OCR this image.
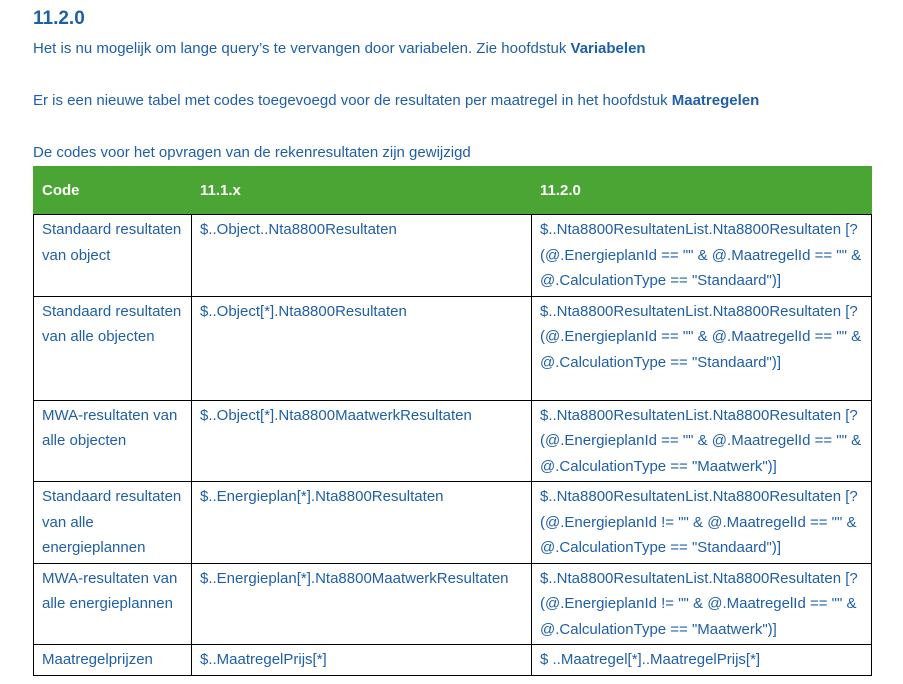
11.2.0

Het is nu mogelijk om lange query’s te vervangen door variabelen. Zie hoofdstuk Variabelen

Er is een nieuwe tabel met codes toegevoegd voor de resultaten per maatregel in het hoofdstuk Maatregelen

De codes voor het opvragen van de rekenresultaten zijn gewijzigd

Code	11.1.x	11.2.0
Standaard resultaten van object	$..Object..Nta8800Resultaten	$..Nta8800ResultatenList.Nta8800Resultaten [?(@.EnergieplanId == "" & @.MaatregelId == "" & @.CalculationType == "Standaard")]
Standaard resultaten van alle objecten	$..Object[*].Nta8800Resultaten	$..Nta8800ResultatenList.Nta8800Resultaten [?(@.EnergieplanId == "" & @.MaatregelId == "" & @.CalculationType == "Standaard")]
MWA-resultaten van alle objecten	$..Object[*].Nta8800MaatwerkResultaten	$..Nta8800ResultatenList.Nta8800Resultaten [?(@.EnergieplanId == "" & @.MaatregelId == "" & @.CalculationType == "Maatwerk")]
Standaard resultaten van alle energieplannen	$..Energieplan[*].Nta8800Resultaten	$..Nta8800ResultatenList.Nta8800Resultaten [?(@.EnergieplanId != "" & @.MaatregelId == "" & @.CalculationType == "Standaard")]
MWA-resultaten van alle energieplannen	$..Energieplan[*].Nta8800MaatwerkResultaten	$..Nta8800ResultatenList.Nta8800Resultaten [?(@.EnergieplanId != "" & @.MaatregelId == "" & @.CalculationType == "Maatwerk")]
Maatregelprijzen	$..MaatregelPrijs[*]	$ ..Maatregel[*]..MaatregelPrijs[*]
